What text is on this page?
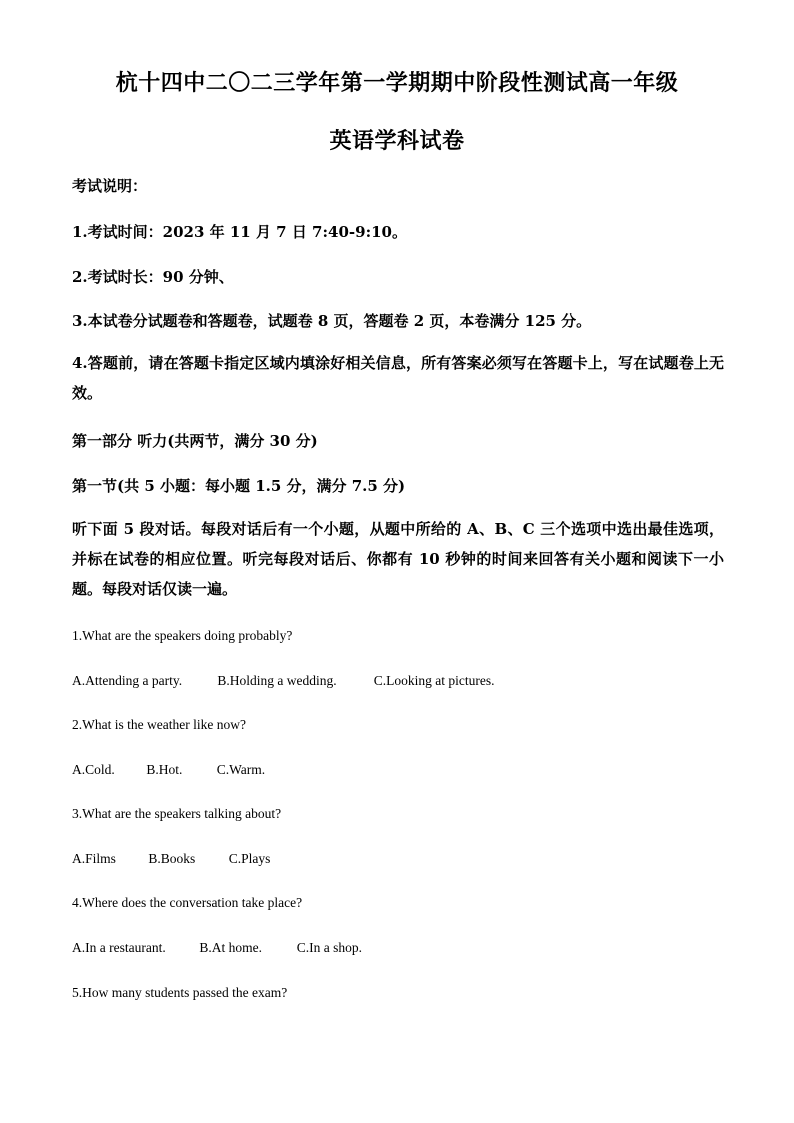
杭十四中二〇二三学年第一学期期中阶段性测试高一年级
英语学科试卷
考试说明：
1.考试时间：2023 年 11 月 7 日 7:40-9:10。
2.考试时长：90 分钟、
3.本试卷分试题卷和答题卷，试题卷 8 页，答题卷 2 页，本卷满分 125 分。
4.答题前，请在答题卡指定区域内填涂好相关信息，所有答案必须写在答题卡上，写在试题卷上无效。
第一部分 听力(共两节，满分 30 分)
第一节(共 5 小题：每小题 1.5 分，满分 7.5 分)
听下面 5 段对话。每段对话后有一个小题，从题中所给的 A、B、C 三个选项中选出最佳选项，并标在试卷的相应位置。听完每段对话后、你都有 10 秒钟的时间来回答有关小题和阅读下一小题。每段对话仅读一遍。
1.What are the speakers doing probably?
A.Attending a party.	B.Holding a wedding.	C.Looking at pictures.
2.What is the weather like now?
A.Cold. B.Hot.	C.Warm.
3.What are the speakers talking about?
A.Films B.Books C.Plays
4.Where does the conversation take place?
A.In a restaurant. B.At home.	C.In a shop.
5.How many students passed the exam?
